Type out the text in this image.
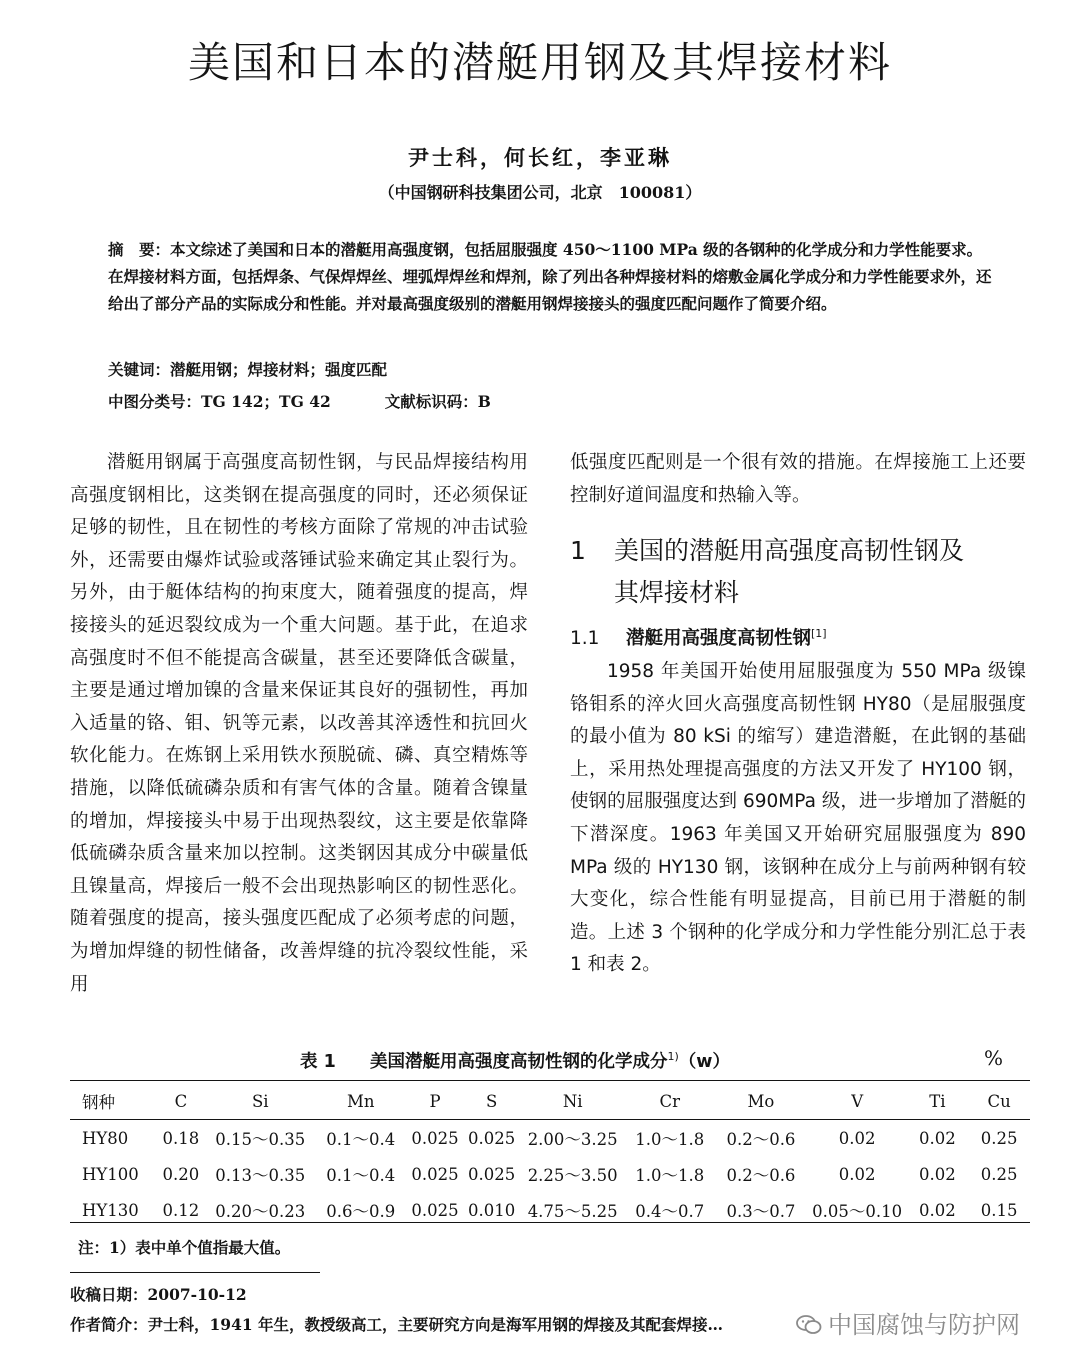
美国和日本的潜艇用钢及其焊接材料
尹士科，何长红，李亚琳
（中国钢研科技集团公司，北京　100081）
摘　要：本文综述了美国和日本的潜艇用高强度钢，包括屈服强度 450～1100 MPa 级的各钢种的化学成分和力学性能要求。在焊接材料方面，包括焊条、气保焊焊丝、埋弧焊焊丝和焊剂，除了列出各种焊接材料的熔敷金属化学成分和力学性能要求外，还给出了部分产品的实际成分和性能。并对最高强度级别的潜艇用钢焊接接头的强度匹配问题作了简要介绍。
关键词：潜艇用钢；焊接材料；强度匹配
中图分类号：TG 142；TG 42	文献标识码：B
潜艇用钢属于高强度高韧性钢，与民品焊接结构用高强度钢相比，这类钢在提高强度的同时，还必须保证足够的韧性，且在韧性的考核方面除了常规的冲击试验外，还需要由爆炸试验或落锤试验来确定其止裂行为。另外，由于艇体结构的拘束度大，随着强度的提高，焊接接头的延迟裂纹成为一个重大问题。基于此，在追求高强度时不但不能提高含碳量，甚至还要降低含碳量，主要是通过增加镍的含量来保证其良好的强韧性，再加入适量的铬、钼、钒等元素，以改善其淬透性和抗回火软化能力。在炼钢上采用铁水预脱硫、磷、真空精炼等措施，以降低硫磷杂质和有害气体的含量。随着含镍量的增加，焊接接头中易于出现热裂纹，这主要是依靠降低硫磷杂质含量来加以控制。这类钢因其成分中碳量低且镍量高，焊接后一般不会出现热影响区的韧性恶化。随着强度的提高，接头强度匹配成了必须考虑的问题，为增加焊缝的韧性储备，改善焊缝的抗冷裂纹性能，采用
低强度匹配则是一个很有效的措施。在焊接施工上还要控制好道间温度和热输入等。
1 美国的潜艇用高强度高韧性钢及
其焊接材料
1.1 潜艇用高强度高韧性钢[1]
1958 年美国开始使用屈服强度为 550 MPa 级镍铬钼系的淬火回火高强度高韧性钢 HY80（是屈服强度的最小值为 80 kSi 的缩写）建造潜艇，在此钢的基础上，采用热处理提高强度的方法又开发了 HY100 钢，使钢的屈服强度达到 690MPa 级，进一步增加了潜艇的下潜深度。1963 年美国又开始研究屈服强度为 890 MPa 级的 HY130 钢，该钢种在成分上与前两种钢有较大变化，综合性能有明显提高，目前已用于潜艇的制造。上述 3 个钢种的化学成分和力学性能分别汇总于表 1 和表 2。
表 1 美国潜艇用高强度高韧性钢的化学成分$^{1)}$（w）	%
钢种	C	Si	Mn	P	S	Ni	Cr	Mo	V	Ti	Cu

HY80	0.18	0.15～0.35	0.1～0.4	0.025	0.025	2.00～3.25	1.0～1.8	0.2～0.6	0.02	0.02	0.25
HY100	0.20	0.13～0.35	0.1～0.4	0.025	0.025	2.25～3.50	1.0～1.8	0.2～0.6	0.02	0.02	0.25
HY130	0.12	0.20～0.23	0.6～0.9	0.025	0.010	4.75～5.25	0.4～0.7	0.3～0.7	0.05～0.10	0.02	0.15
注：1）表中单个值指最大值。
收稿日期：2007-10-12
作者简介：尹士科，1941 年生，教授级高工，主要研究方向是海军用钢的焊接及其配套焊接…	中国腐蚀与防护网
